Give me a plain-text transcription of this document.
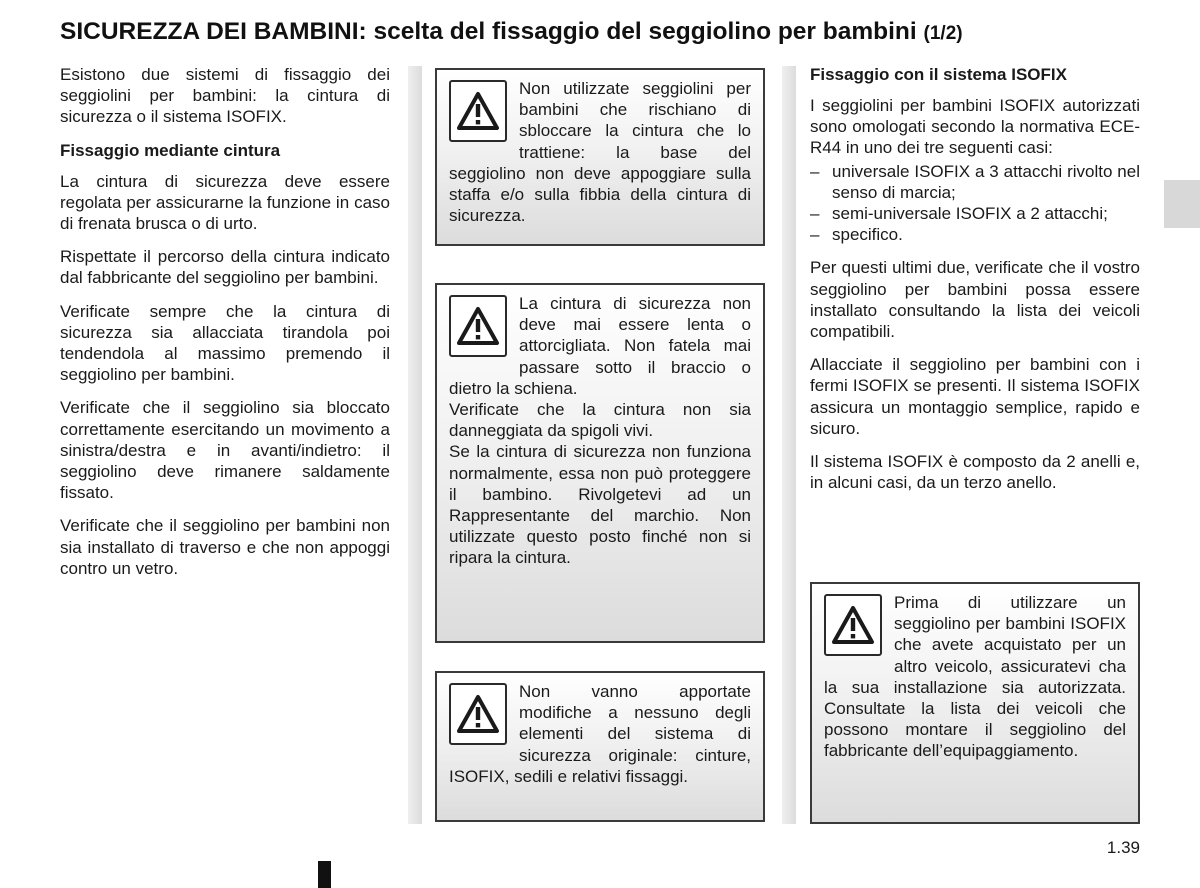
SICUREZZA DEI BAMBINI: scelta del fissaggio del seggiolino per bambini (1/2)

Esistono due sistemi di fissaggio dei seggiolini per bambini: la cintura di sicurezza o il sistema ISOFIX.

Fissaggio mediante cintura

La cintura di sicurezza deve essere regolata per assicurarne la funzione in caso di frenata brusca o di urto.

Rispettate il percorso della cintura indicato dal fabbricante del seggiolino per bambini.

Verificate sempre che la cintura di sicurezza sia allacciata tirandola poi tendendola al massimo premendo il seggiolino per bambini.

Verificate che il seggiolino sia bloccato correttamente esercitando un movimento a sinistra/destra e in avanti/indietro: il seggiolino deve rimanere saldamente fissato.

Verificate che il seggiolino per bambini non sia installato di traverso e che non appoggi contro un vetro.

Non utilizzate seggiolini per bambini che rischiano di sbloccare la cintura che lo trattiene: la base del seggiolino non deve appoggiare sulla staffa e/o sulla fibbia della cintura di sicurezza.
La cintura di sicurezza non deve mai essere lenta o attorcigliata. Non fatela mai passare sotto il braccio o dietro la schiena.
Verificate che la cintura non sia danneggiata da spigoli vivi.
Se la cintura di sicurezza non funziona normalmente, essa non può proteggere il bambino. Rivolgetevi ad un Rappresentante del marchio. Non utilizzate questo posto finché non si ripara la cintura.
Non vanno apportate modifiche a nessuno degli elementi del sistema di sicurezza originale: cinture, ISOFIX, sedili e relativi fissaggi.
Fissaggio con il sistema ISOFIX

I seggiolini per bambini ISOFIX autorizzati sono omologati secondo la normativa ECE-R44 in uno dei tre seguenti casi:

– universale ISOFIX a 3 attacchi rivolto nel senso di marcia;
– semi-universale ISOFIX a 2 attacchi;
– specifico.

Per questi ultimi due, verificate che il vostro seggiolino per bambini possa essere installato consultando la lista dei veicoli compatibili.

Allacciate il seggiolino per bambini con i fermi ISOFIX se presenti. Il sistema ISOFIX assicura un montaggio semplice, rapido e sicuro.

Il sistema ISOFIX è composto da 2 anelli e, in alcuni casi, da un terzo anello.

Prima di utilizzare un seggiolino per bambini ISOFIX che avete acquistato per un altro veicolo, assicuratevi cha la sua installazione sia autorizzata. Consultate la lista dei veicoli che possono montare il seggiolino del fabbricante dell’equipaggiamento.
1.39
